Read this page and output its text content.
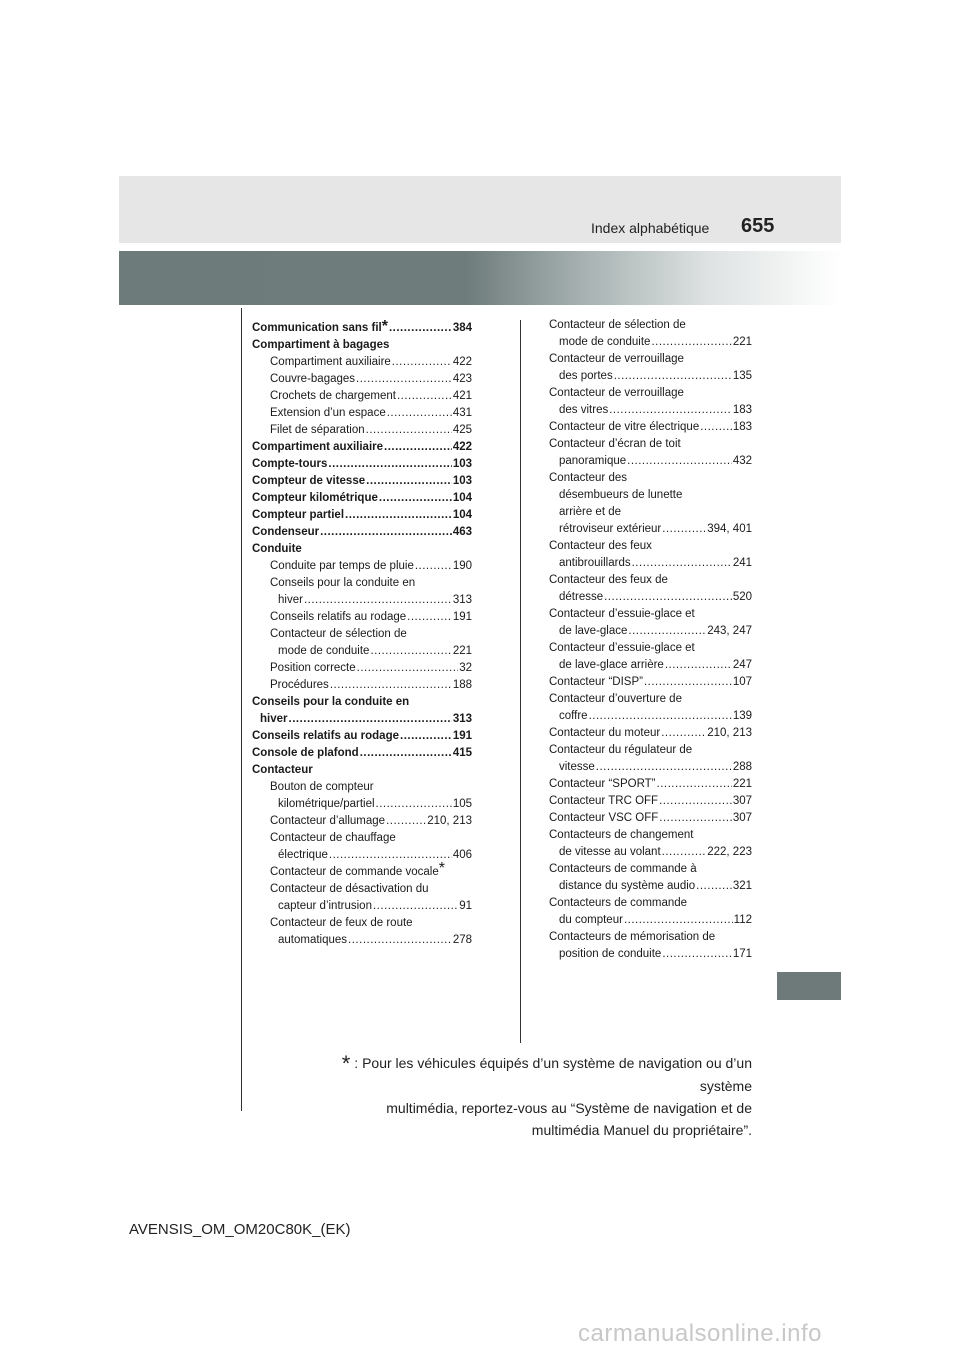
Index alphabétique 655
Communication sans fil * .....	384
Compartiment à bagages
Compartiment auxiliaire .....	422
Couvre-bagages .....	423
Crochets de chargement .....	421
Extension d’un espace .....	431
Filet de séparation .....	425
Compartiment auxiliaire .....	422
Compte-tours .....	103
Compteur de vitesse .....	103
Compteur kilométrique .....	104
Compteur partiel .....	104
Condenseur .....	463
Conduite
Conduite par temps de pluie .....	190
Conseils pour la conduite en
hiver .....	313
Conseils relatifs au rodage .....	191
Contacteur de sélection de
mode de conduite .....	221
Position correcte .....	32
Procédures .....	188
Conseils pour la conduite en
hiver .....	313
Conseils relatifs au rodage .....	191
Console de plafond .....	415
Contacteur
Bouton de compteur
kilométrique/partiel .....	105
Contacteur d’allumage .....	210, 213
Contacteur de chauffage
électrique .....	406
Contacteur de commande vocale*
Contacteur de désactivation du
capteur d’intrusion .....	91
Contacteur de feux de route
automatiques .....	278
Contacteur de sélection de
mode de conduite .....	221
Contacteur de verrouillage
des portes .....	135
Contacteur de verrouillage
des vitres .....	183
Contacteur de vitre électrique .....	183
Contacteur d’écran de toit
panoramique .....	432
Contacteur des
désembueurs de lunette
arrière et de
rétroviseur extérieur .....	394, 401
Contacteur des feux
antibrouillards .....	241
Contacteur des feux de
détresse .....	520
Contacteur d’essuie-glace et
de lave-glace .....	243, 247
Contacteur d’essuie-glace et
de lave-glace arrière .....	247
Contacteur “DISP” .....	107
Contacteur d’ouverture de
coffre .....	139
Contacteur du moteur .....	210, 213
Contacteur du régulateur de
vitesse .....	288
Contacteur “SPORT” .....	221
Contacteur TRC OFF .....	307
Contacteur VSC OFF .....	307
Contacteurs de changement
de vitesse au volant .....	222, 223
Contacteurs de commande à
distance du système audio .....	321
Contacteurs de commande
du compteur .....	112
Contacteurs de mémorisation de
position de conduite .....	171
* : Pour les véhicules équipés d’un système de navigation ou d’un système
multimédia, reportez-vous au “Système de navigation et de
multimédia Manuel du propriétaire”.
AVENSIS_OM_OM20C80K_(EK)
carmanualsonline.info
